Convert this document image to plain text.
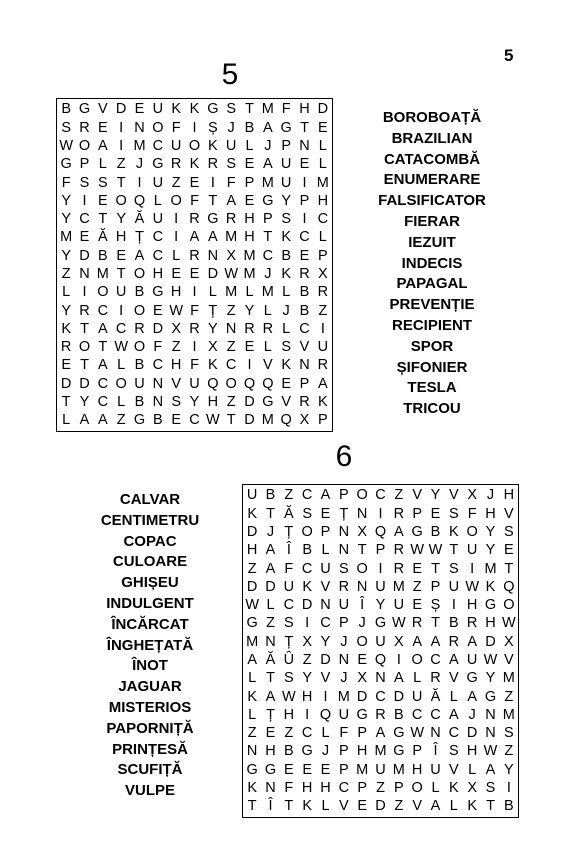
5
5
B G V D E U K K G S T M F H D
S R E I N O F I Ș J B A G T E
W O A I M C U O K U L J P N L
G P L Z J G R K R S E A U E L
F S S T I U Z E I F P M U I M
Y I E O Q L O F T A E G Y P H
Y C T Y Ă U I R G R H P S I C
M E Ă H Ț C I A A M H T K C L
Y D B E A C L R N X M C B E P
Z N M T O H E E D W M J K R X
L I O U B G H I L M L M L B R
Y R C I O E W F Ț Z Y L J B Z
K T A C R D X R Y N R R L C I
R O T W O F Z I X Z E L S V U
E T A L B C H F K C I V K N R
D D C O U N V U Q O Q Q E P A
T Y C L B N S Y H Z D G V R K
L A A Z G B E C W T D M Q X P
BOROBOAȚĂ
BRAZILIAN
CATACOMBĂ
ENUMERARE
FALSIFICATOR
FIERAR
IEZUIT
INDECIS
PAPAGAL
PREVENȚIE
RECIPIENT
SPOR
ȘIFONIER
TESLA
TRICOU
6
U B Z C A P O C Z V Y V X J H
K T Ă S E Ț N I R P E S F H V
D J Ț O P N X Q A G B K O Y S
H A Î B L N T P R W W T U Y E
Z A F C U S O I R E T S I M T
D D U K V R N U M Z P U W K Q
W L C D N U Î Y U E Ș I H G O
G Z S I C P J G W R T B R H W
M N Ț X Y J O U X A A R A D X
A Ă Û Z D N E Q I O C A U W V
L T S Y V J X N A L R V G Y M
K A W H I M D C D U Ă L A G Z
L Ț H I Q U G R B C C A J N M
Z E Z C L F P A G W N C D N S
N H B G J P H M G P Î S H W Z
G G E E E P M U M H U V L A Y
K N F H H C P Z P O L K X S I
T Î T K L V E D Z V A L K T B
CALVAR
CENTIMETRU
COPAC
CULOARE
GHIȘEU
INDULGENT
ÎNCĂRCAT
ÎNGHEȚATĂ
ÎNOT
JAGUAR
MISTERIOS
PAPORNIȚĂ
PRINȚESĂ
SCUFIȚĂ
VULPE
